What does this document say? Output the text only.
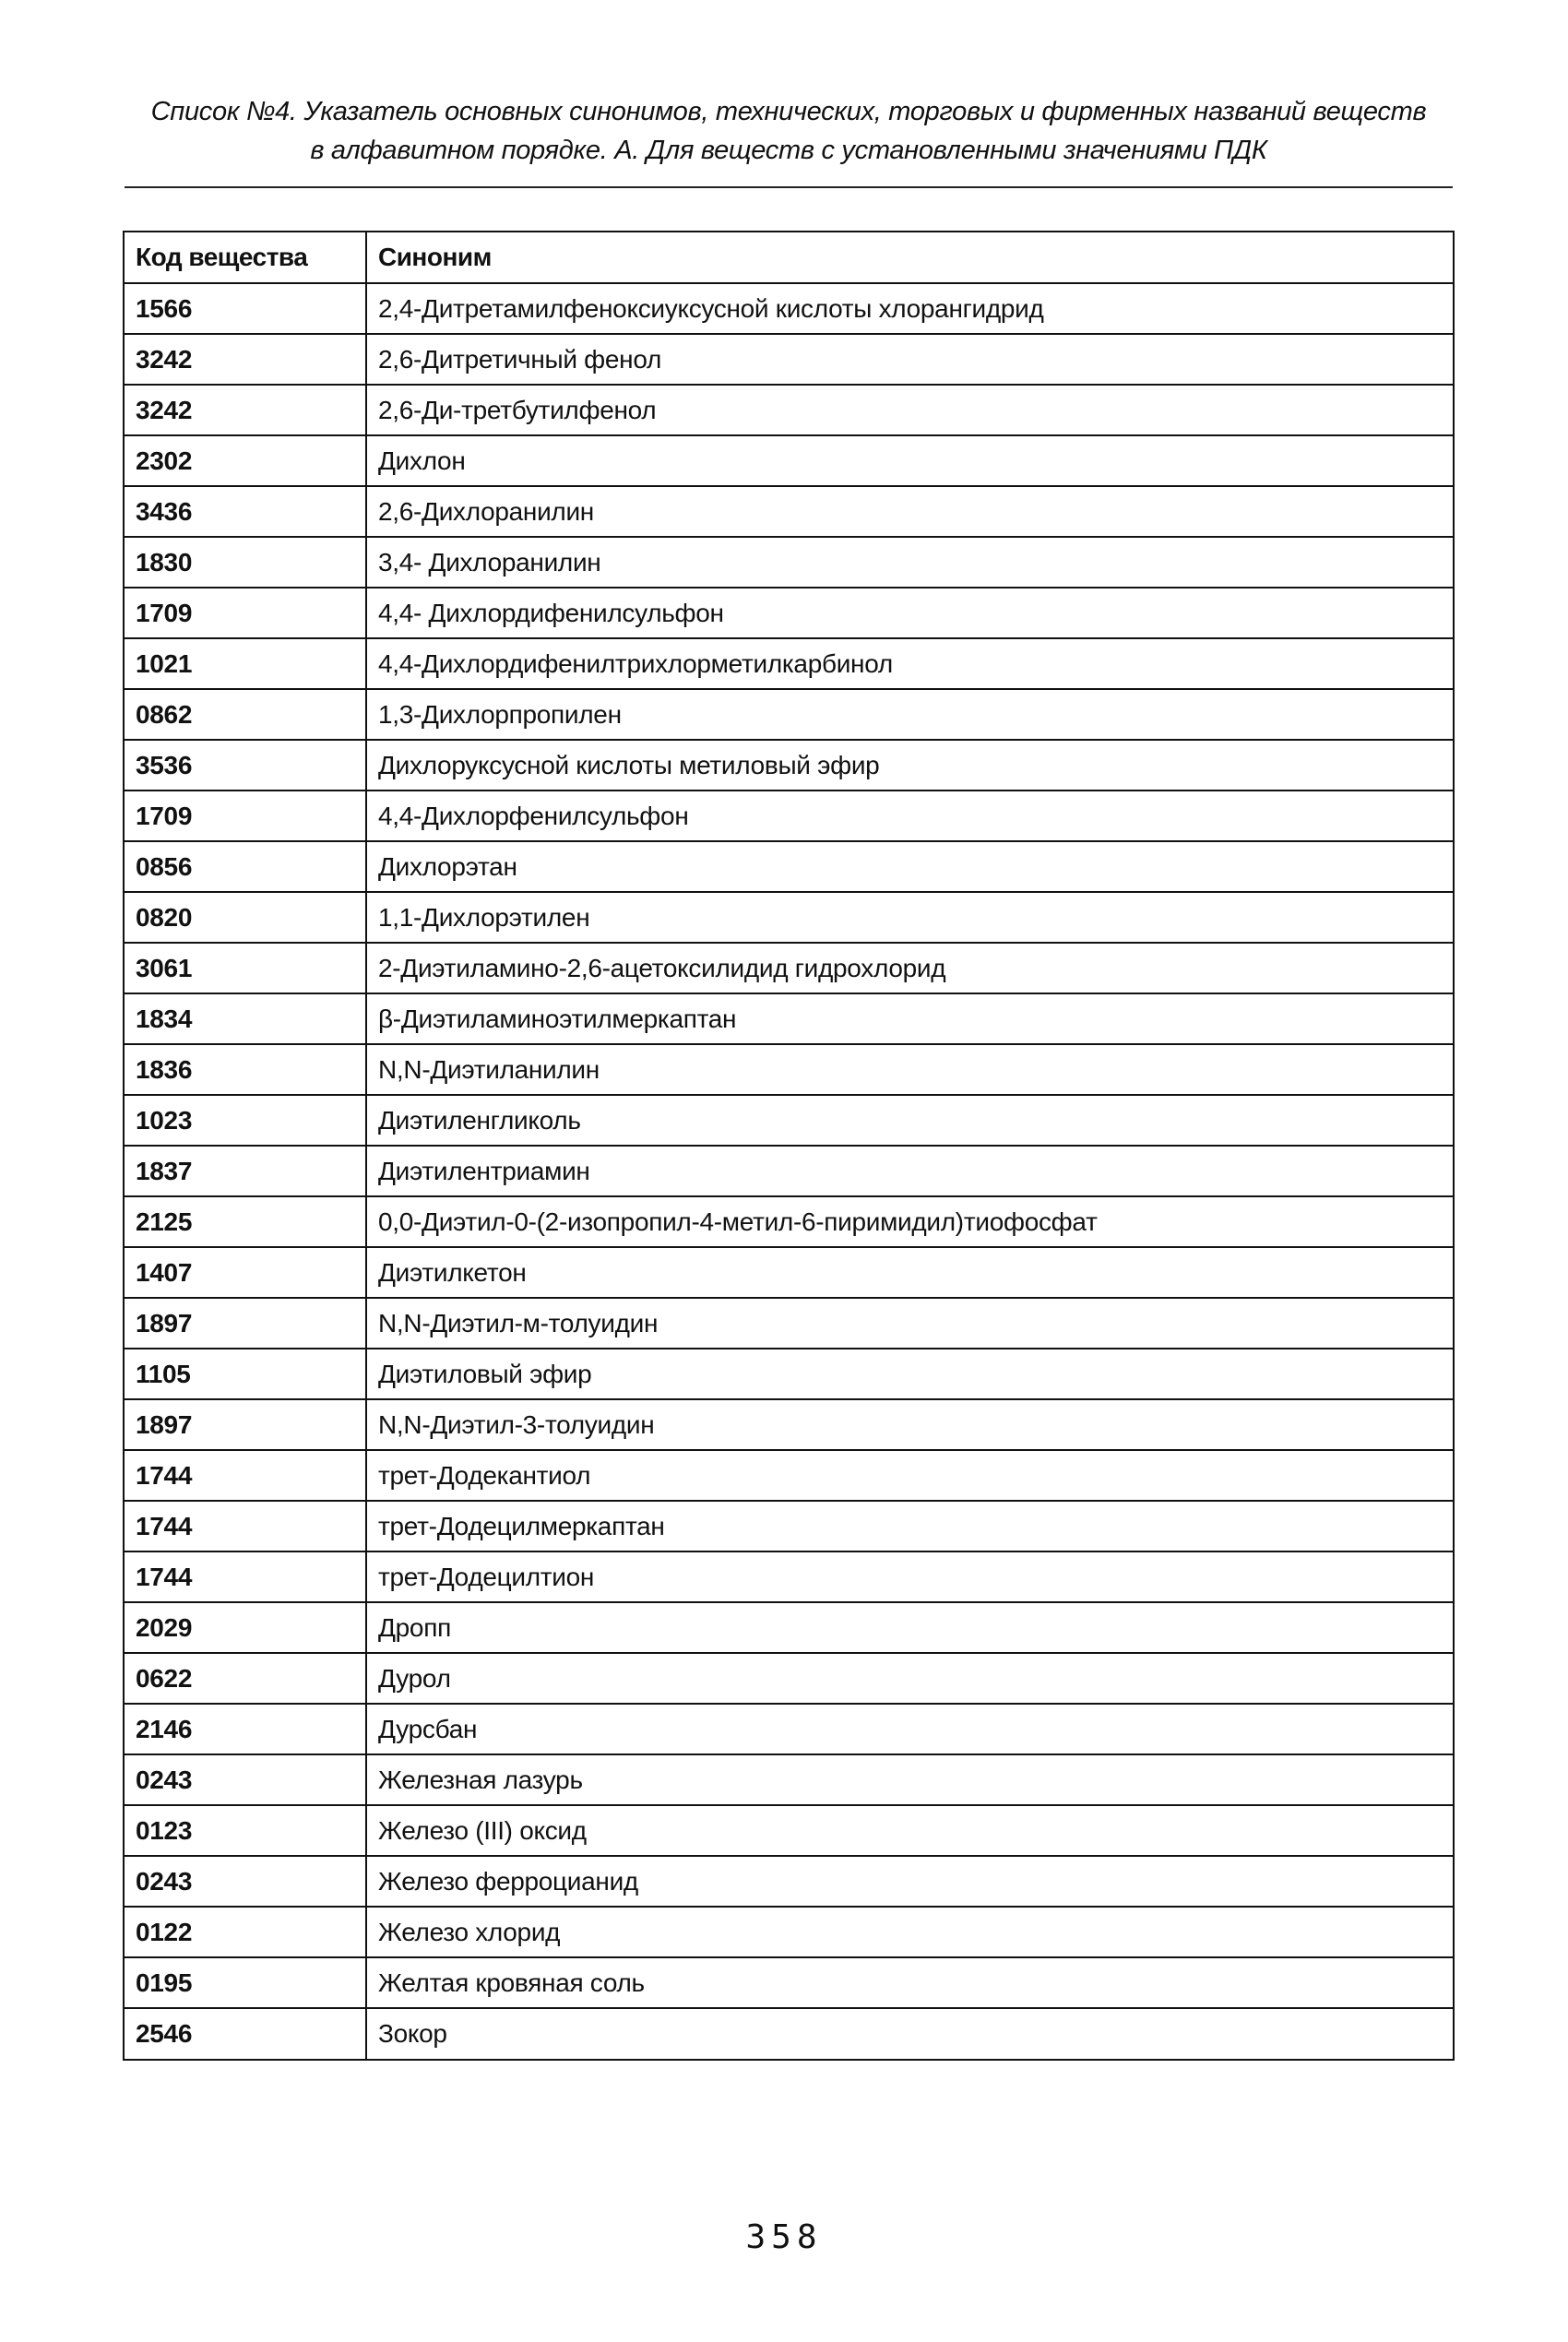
Список №4. Указатель основных синонимов, технических, торговых и фирменных названий веществ
в алфавитном порядке. А. Для веществ с установленными значениями ПДК
Код вещества	Синоним
1566	2,4-Дитретамилфеноксиуксусной кислоты хлорангидрид
3242	2,6-Дитретичный фенол
3242	2,6-Ди-третбутилфенол
2302	Дихлон
3436	2,6-Дихлоранилин
1830	3,4- Дихлоранилин
1709	4,4- Дихлордифенилсульфон
1021	4,4-Дихлордифенилтрихлорметилкарбинол
0862	1,3-Дихлорпропилен
3536	Дихлоруксусной кислоты метиловый эфир
1709	4,4-Дихлорфенилсульфон
0856	Дихлорэтан
0820	1,1-Дихлорэтилен
3061	2-Диэтиламино-2,6-ацетоксилидид гидрохлорид
1834	β-Диэтиламиноэтилмеркаптан
1836	N,N-Диэтиланилин
1023	Диэтиленгликоль
1837	Диэтилентриамин
2125	0,0-Диэтил-0-(2-изопропил-4-метил-6-пиримидил)тиофосфат
1407	Диэтилкетон
1897	N,N-Диэтил-м-толуидин
1105	Диэтиловый эфир
1897	N,N-Диэтил-3-толуидин
1744	трет-Додекантиол
1744	трет-Додецилмеркаптан
1744	трет-Додецилтион
2029	Дропп
0622	Дурол
2146	Дурсбан
0243	Железная лазурь
0123	Железо (III) оксид
0243	Железо ферроцианид
0122	Железо хлорид
0195	Желтая кровяная соль
2546	Зокор
358
